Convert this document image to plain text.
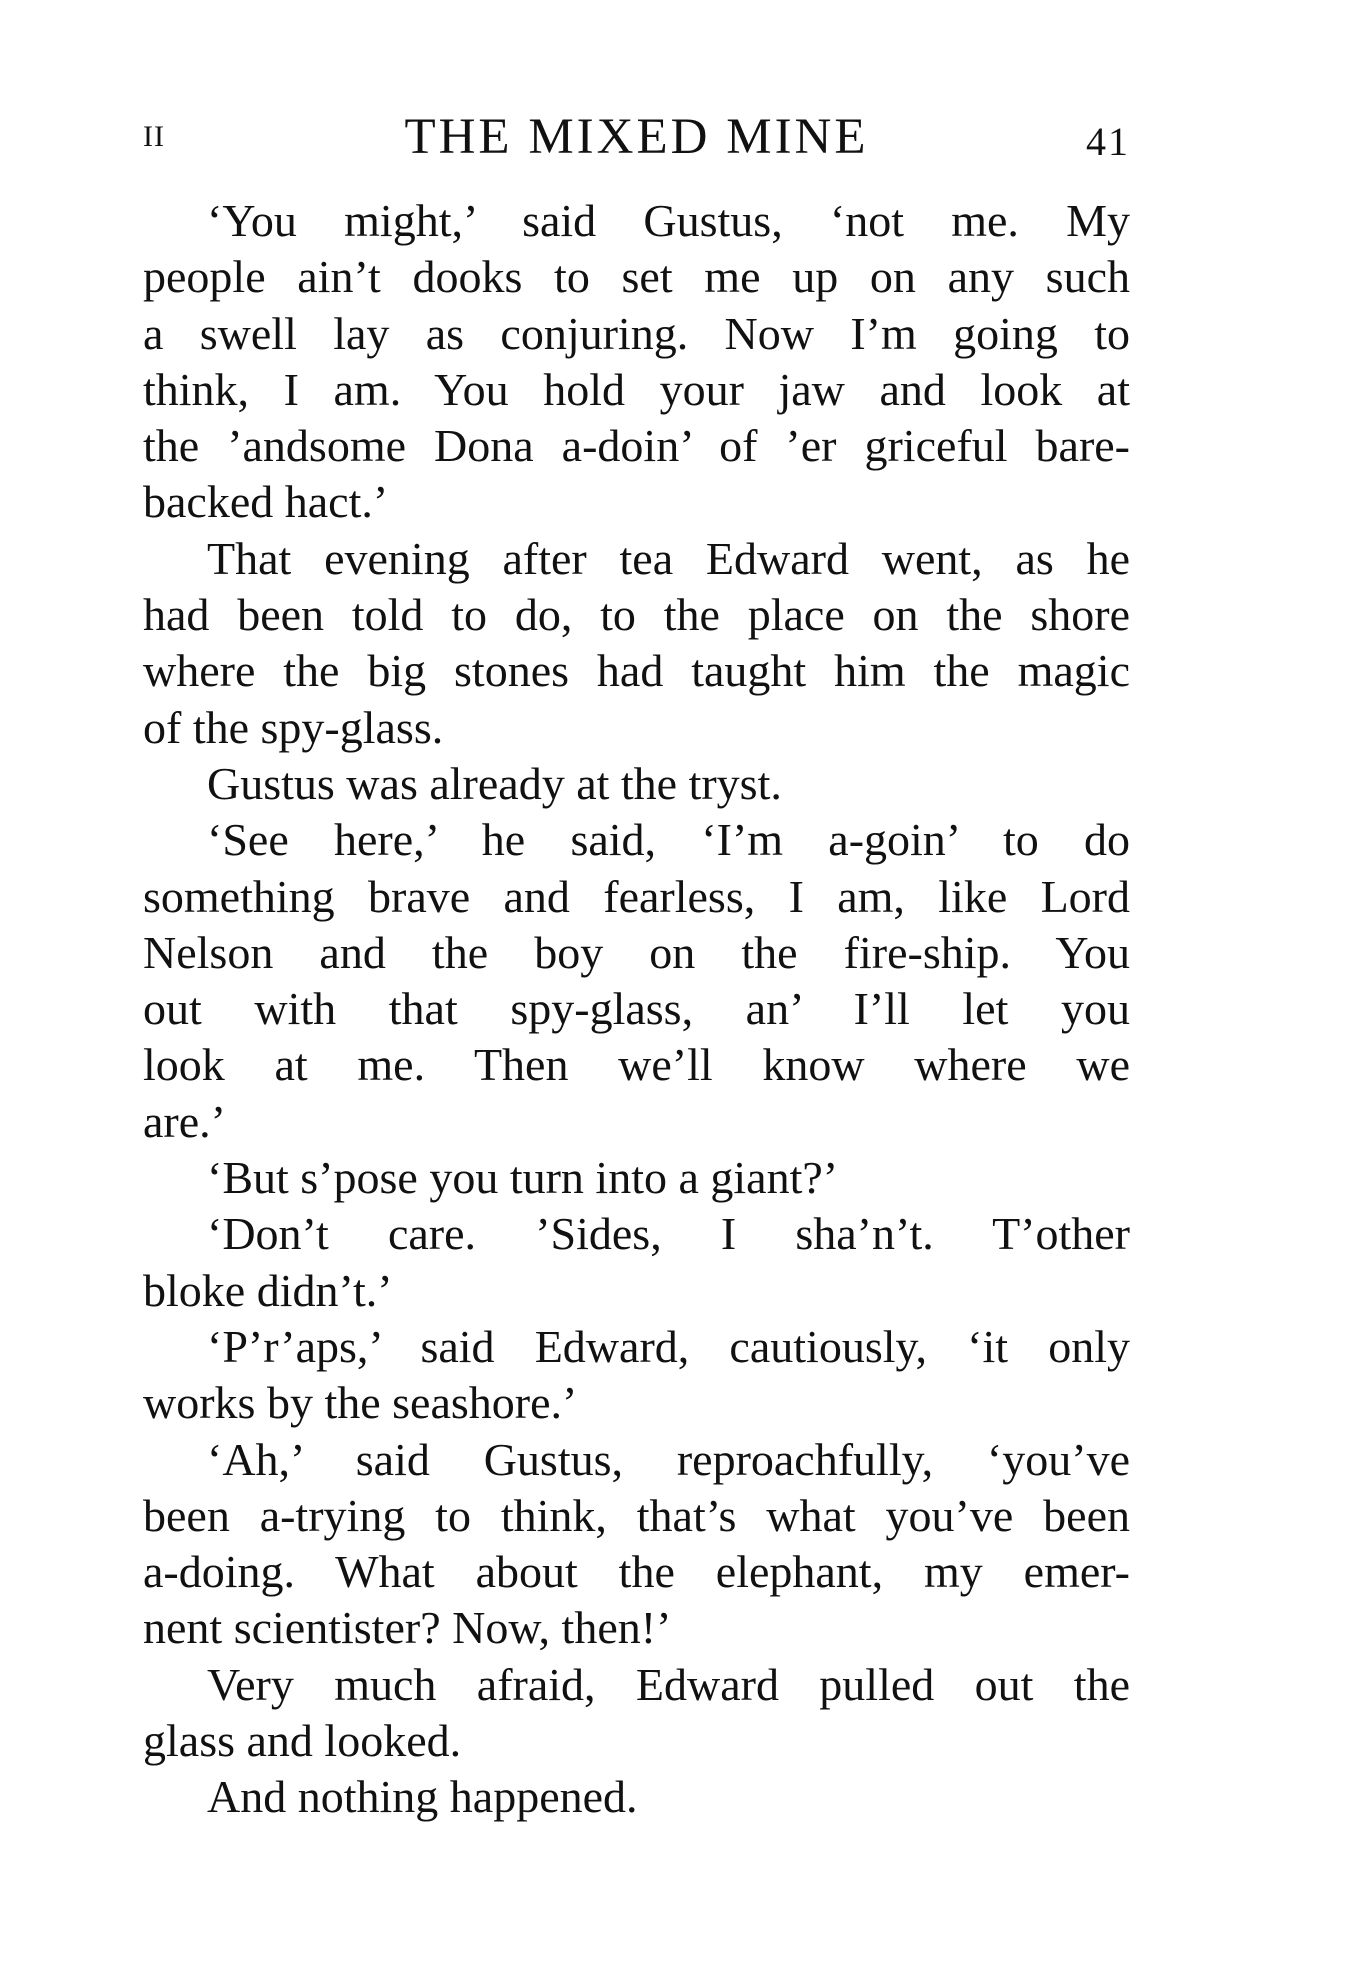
II	THE MIXED MINE	41
‘You might,’ said Gustus, ‘not me. My
people ain’t dooks to set me up on any such
a swell lay as conjuring. Now I’m going to
think, I am. You hold your jaw and look at
the ’andsome Dona a-doin’ of ’er griceful bare-
backed hact.’
That evening after tea Edward went, as he
had been told to do, to the place on the shore
where the big stones had taught him the magic
of the spy-glass.
Gustus was already at the tryst.
‘See here,’ he said, ‘I’m a-goin’ to do
something brave and fearless, I am, like Lord
Nelson and the boy on the fire-ship. You
out with that spy-glass, an’ I’ll let you
look at me. Then we’ll know where we
are.’
‘But s’pose you turn into a giant?’
‘Don’t care. ’Sides, I sha’n’t. T’other
bloke didn’t.’
‘P’r’aps,’ said Edward, cautiously, ‘it only
works by the seashore.’
‘Ah,’ said Gustus, reproachfully, ‘you’ve
been a-trying to think, that’s what you’ve been
a-doing. What about the elephant, my emer-
nent scientister? Now, then!’
Very much afraid, Edward pulled out the
glass and looked.
And nothing happened.
